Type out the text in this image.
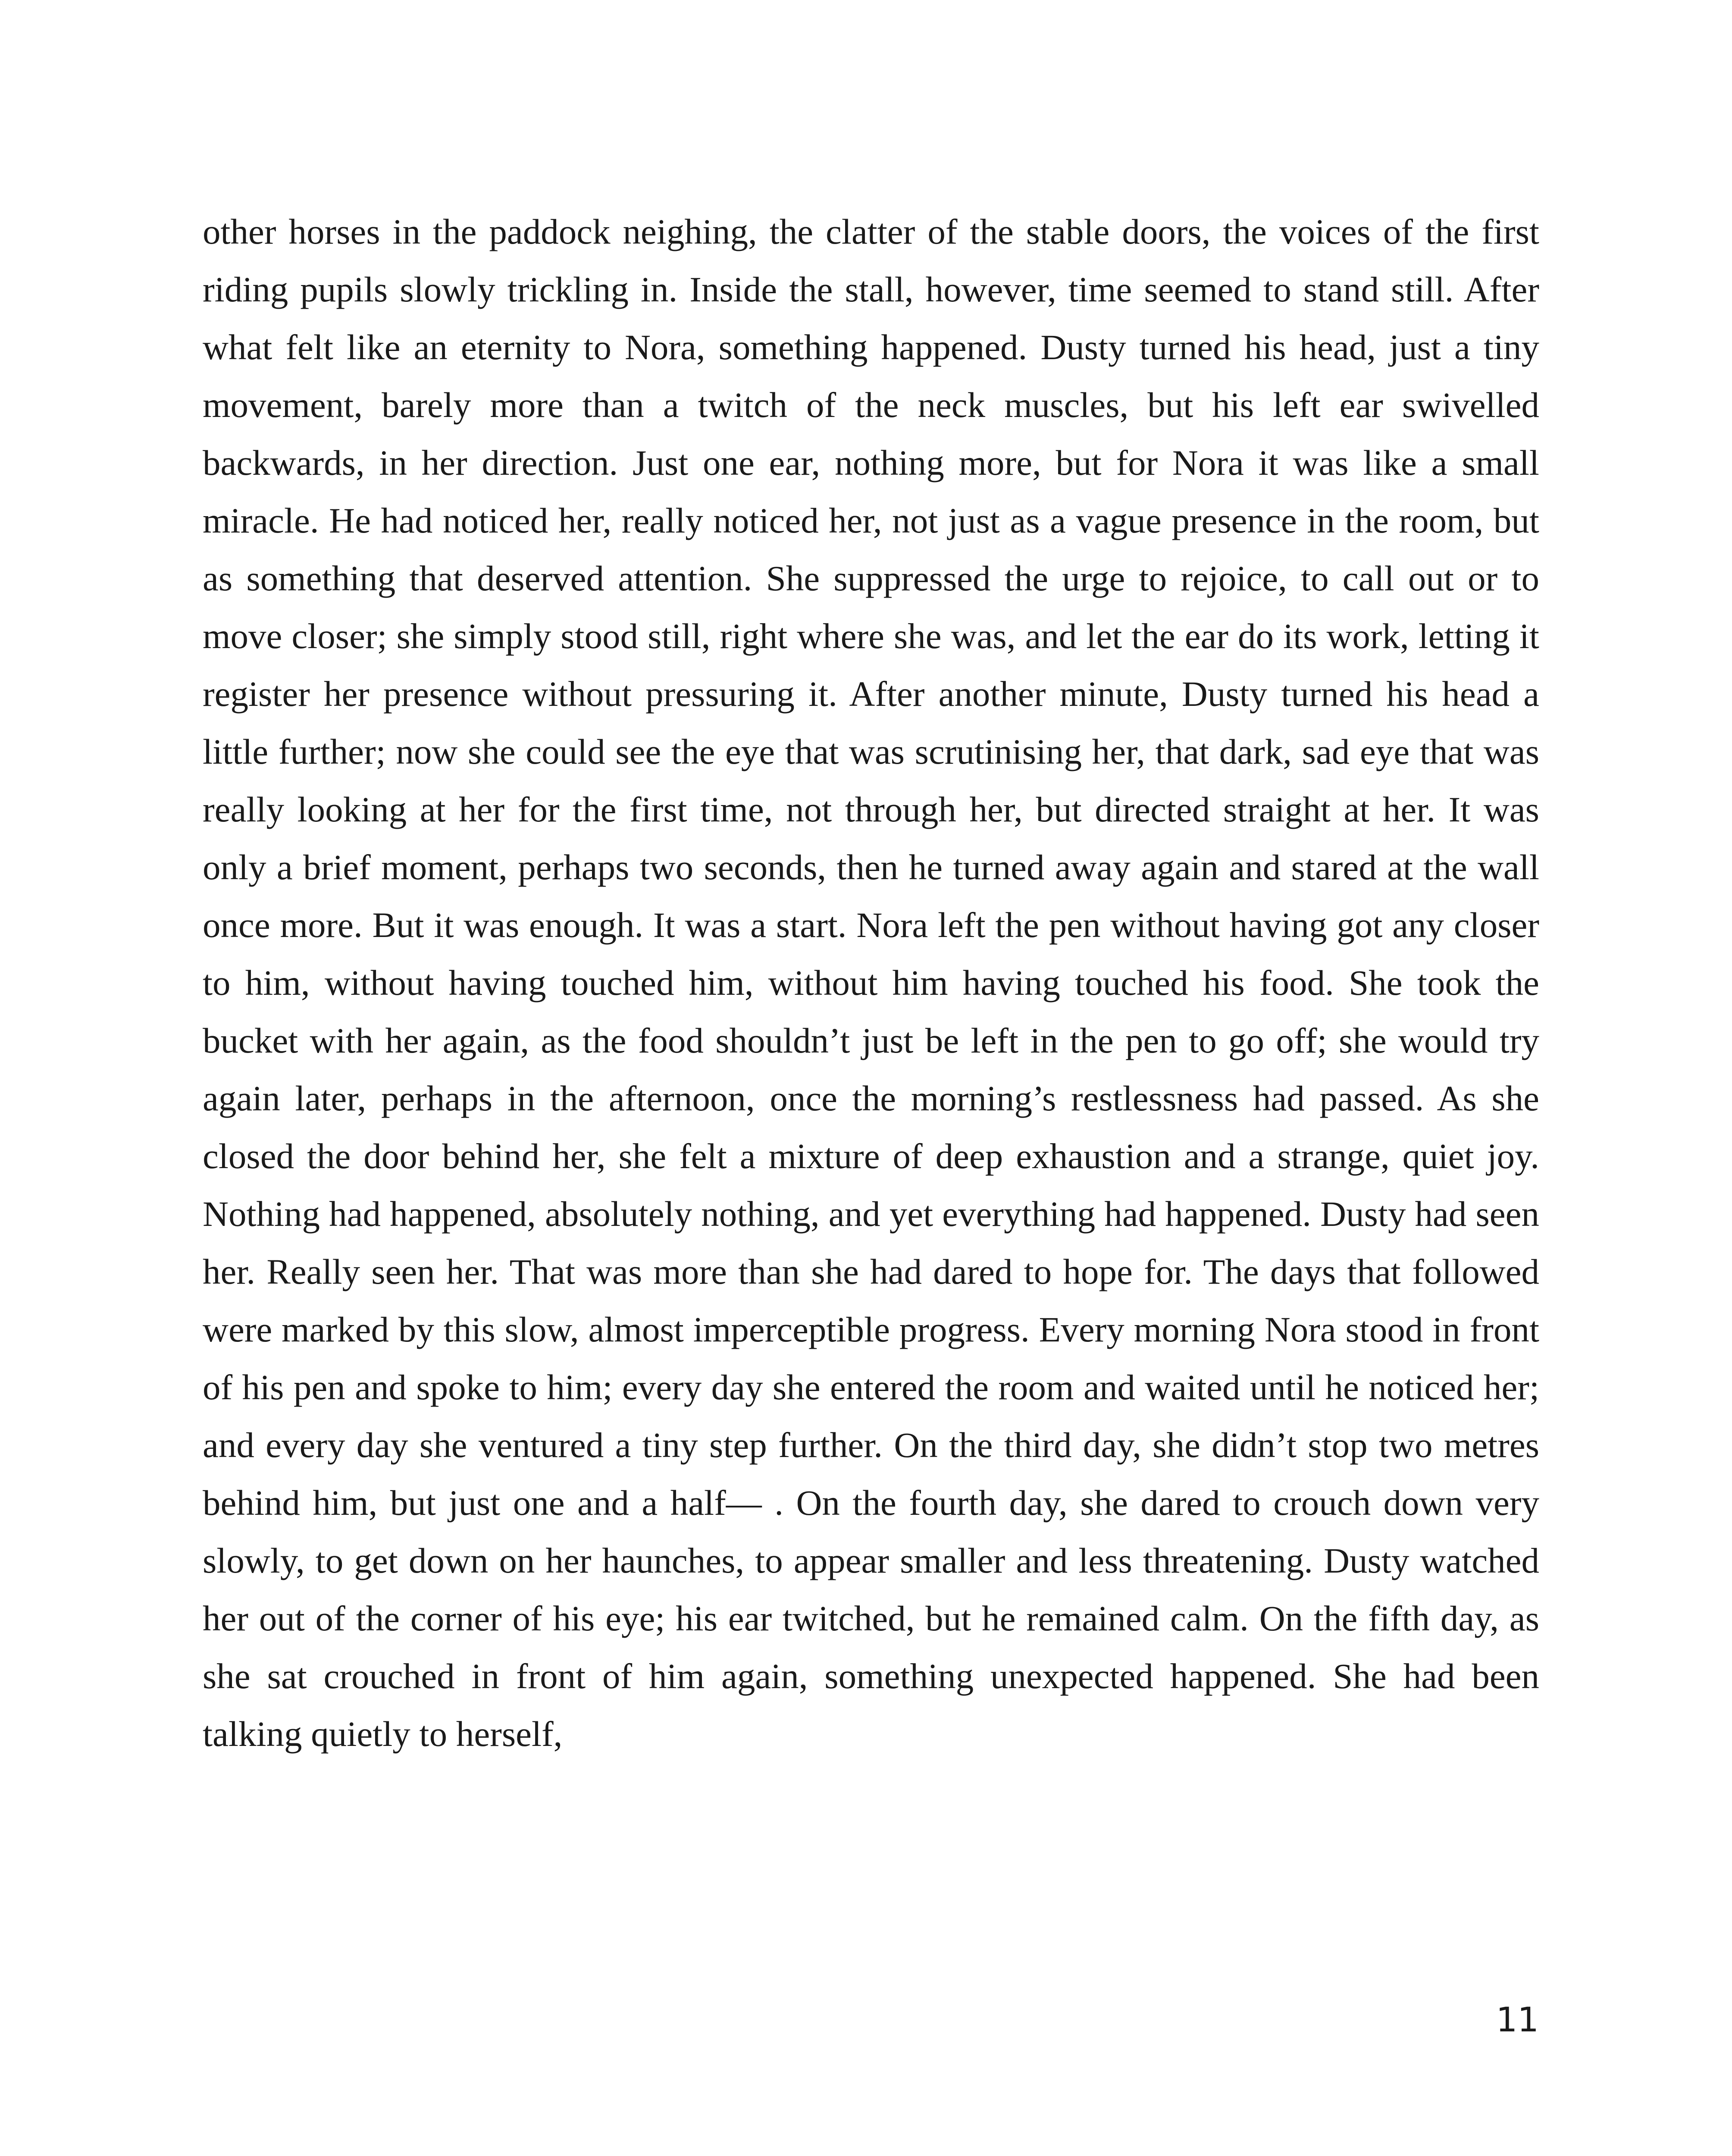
other horses in the paddock neighing, the clatter of the stable doors, the voices of the first riding pupils slowly trickling in. Inside the stall, however, time seemed to stand still. After what felt like an eternity to Nora, something happened. Dusty turned his head, just a tiny movement, barely more than a twitch of the neck muscles, but his left ear swivelled backwards, in her direction. Just one ear, nothing more, but for Nora it was like a small miracle. He had noticed her, really noticed her, not just as a vague presence in the room, but as something that deserved attention. She suppressed the urge to rejoice, to call out or to move closer; she simply stood still, right where she was, and let the ear do its work, letting it register her presence without pressuring it. After another minute, Dusty turned his head a little further; now she could see the eye that was scrutinising her, that dark, sad eye that was really looking at her for the first time, not through her, but directed straight at her. It was only a brief moment, perhaps two seconds, then he turned away again and stared at the wall once more. But it was enough. It was a start. Nora left the pen without having got any closer to him, without having touched him, without him having touched his food. She took the bucket with her again, as the food shouldn’t just be left in the pen to go off; she would try again later, perhaps in the afternoon, once the morning’s restlessness had passed. As she closed the door behind her, she felt a mixture of deep exhaustion and a strange, quiet joy. Nothing had happened, absolutely nothing, and yet everything had happened. Dusty had seen her. Really seen her. That was more than she had dared to hope for. The days that followed were marked by this slow, almost imperceptible progress. Every morning Nora stood in front of his pen and spoke to him; every day she entered the room and waited until he noticed her; and every day she ventured a tiny step further. On the third day, she didn’t stop two metres behind him, but just one and a half— . On the fourth day, she dared to crouch down very slowly, to get down on her haunches, to appear smaller and less threatening. Dusty watched her out of the corner of his eye; his ear twitched, but he remained calm. On the fifth day, as she sat crouched in front of him again, something unexpected happened. She had been talking quietly to herself,

11
